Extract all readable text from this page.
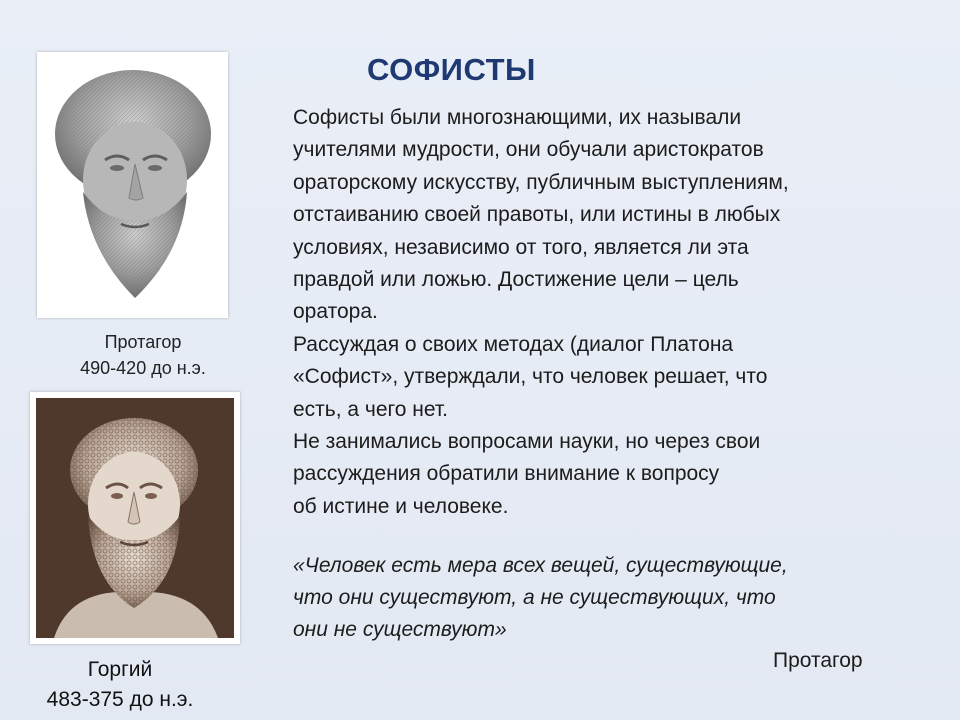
Протагор
490-420 до н.э.
Горгий
483-375 до н.э.
СОФИСТЫ

Софисты были многознающими, их называли

учителями мудрости, они обучали аристократов

ораторскому искусству, публичным выступлениям,

отстаиванию своей правоты, или истины в любых

условиях, независимо от того, является ли эта

правдой или ложью. Достижение цели – цель

оратора.

Рассуждая о своих методах (диалог Платона

«Софист», утверждали, что человек решает, что

есть, а чего нет.

Не занимались вопросами науки, но через свои

рассуждения обратили внимание к вопросу

об истине и человеке.

«Человек есть мера всех вещей, существующие,

что они существуют, а не существующих, что

они не существуют»

Протагор
